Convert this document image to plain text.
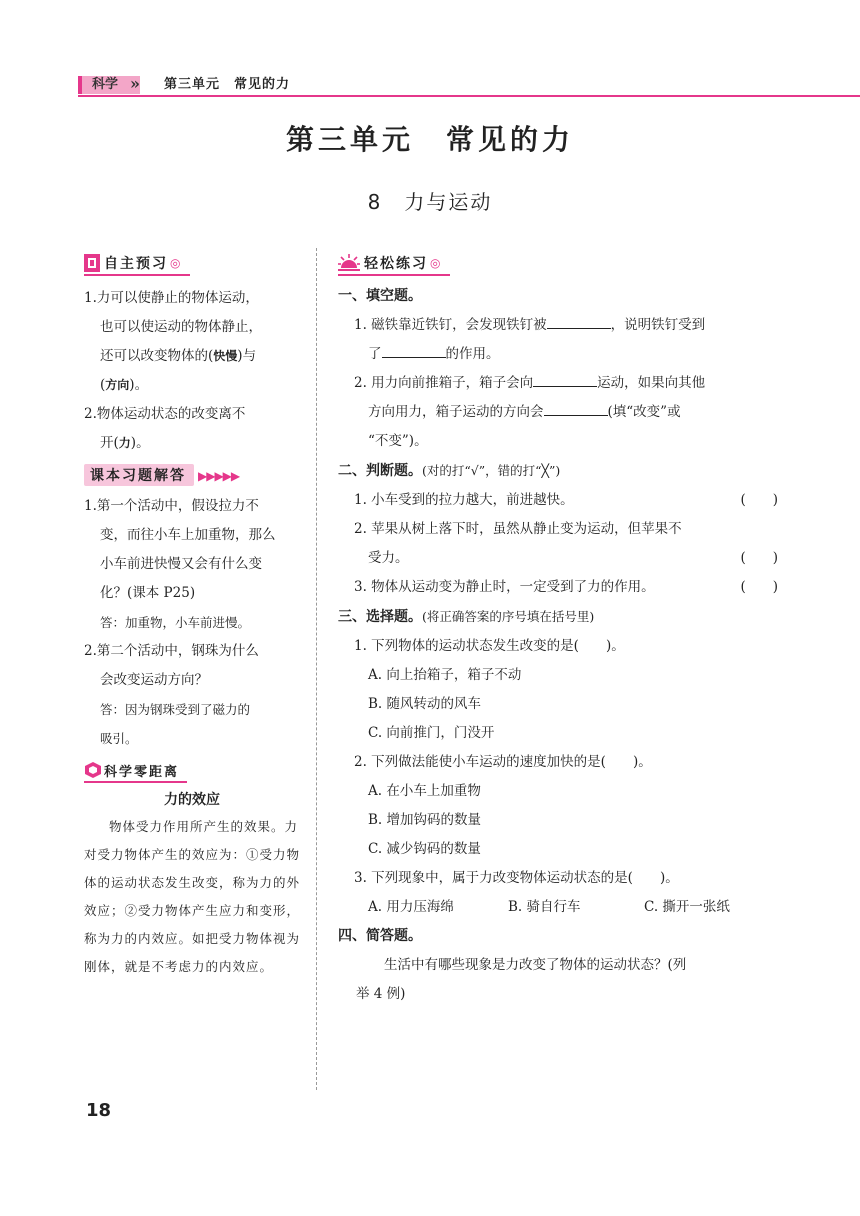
科学 » 第三单元　常见的力
第三单元　常见的力
8　力与运动
自主预习 ◎

1.力可以使静止的物体运动，

也可以使运动的物体静止，

还可以改变物体的(快慢)与

(方向)。

2.物体运动状态的改变离不

开(力)。

课本习题解答 ▶▶▶▶▶

1.第一个活动中，假设拉力不

变，而往小车上加重物，那么

小车前进快慢又会有什么变

化？(课本 P25)

答：加重物，小车前进慢。

2.第二个活动中，钢珠为什么

会改变运动方向？

答：因为钢珠受到了磁力的

吸引。

科学零距离
力的效应
物体受力作用所产生的效果。力对受力物体产生的效应为：①受力物体的运动状态发生改变，称为力的外效应；②受力物体产生应力和变形，称为力的内效应。如把受力物体视为刚体，就是不考虑力的内效应。
轻松练习 ◎

一、填空题。

1. 磁铁靠近铁钉，会发现铁钉被	，说明铁钉受到

了	的作用。

2. 用力向前推箱子，箱子会向	运动，如果向其他

方向用力，箱子运动的方向会	(填“改变”或

“不变”)。

二、判断题。(对的打“√”，错的打“╳”)

1. 小车受到的拉力越大，前进越快。	(　　)

2. 苹果从树上落下时，虽然从静止变为运动，但苹果不

受力。	(　　)

3. 物体从运动变为静止时，一定受到了力的作用。	(　　)

三、选择题。(将正确答案的序号填在括号里)

1. 下列物体的运动状态发生改变的是(　　)。

A. 向上抬箱子，箱子不动

B. 随风转动的风车

C. 向前推门，门没开

2. 下列做法能使小车运动的速度加快的是(　　)。

A. 在小车上加重物

B. 增加钩码的数量

C. 减少钩码的数量

3. 下列现象中，属于力改变物体运动状态的是(　　)。

A. 用力压海绵	B. 骑自行车	C. 撕开一张纸

四、简答题。

生活中有哪些现象是力改变了物体的运动状态？(列

举 4 例)

18
